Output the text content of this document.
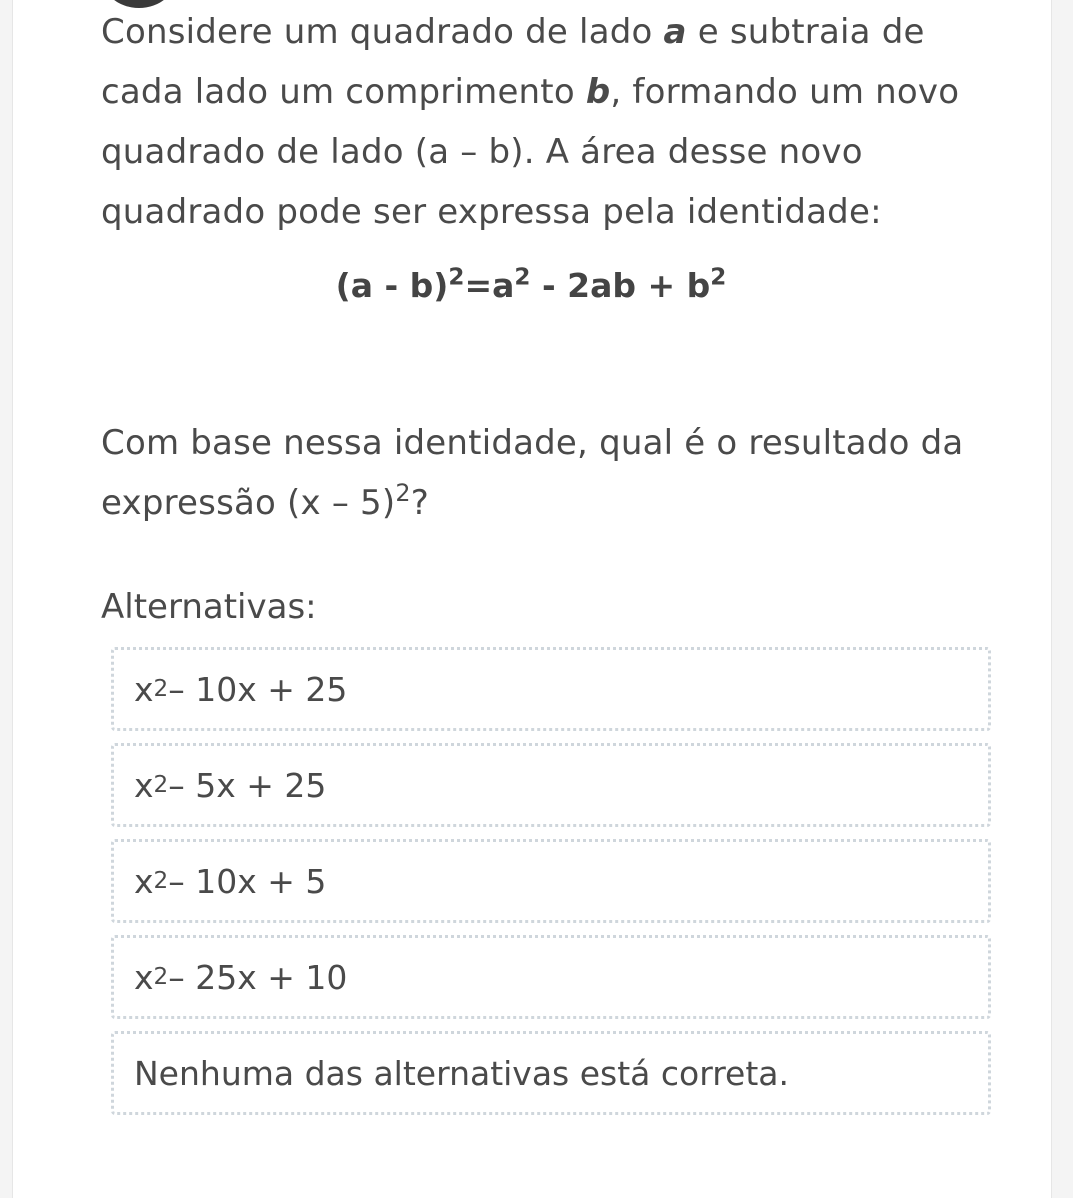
Considere um quadrado de lado a e subtraia de cada lado um comprimento b, formando um novo quadrado de lado (a – b). A área desse novo quadrado pode ser expressa pela identidade:

$(a - b)^2=a^2 - 2ab + b^2$

Com base nessa identidade, qual é o resultado da expressão (x – 5)$^2$?

Alternativas:

x 2 – 10x + 25
x 2 – 5x + 25
x 2 – 10x + 5
x 2 – 25x + 10
Nenhuma das alternativas está correta.
